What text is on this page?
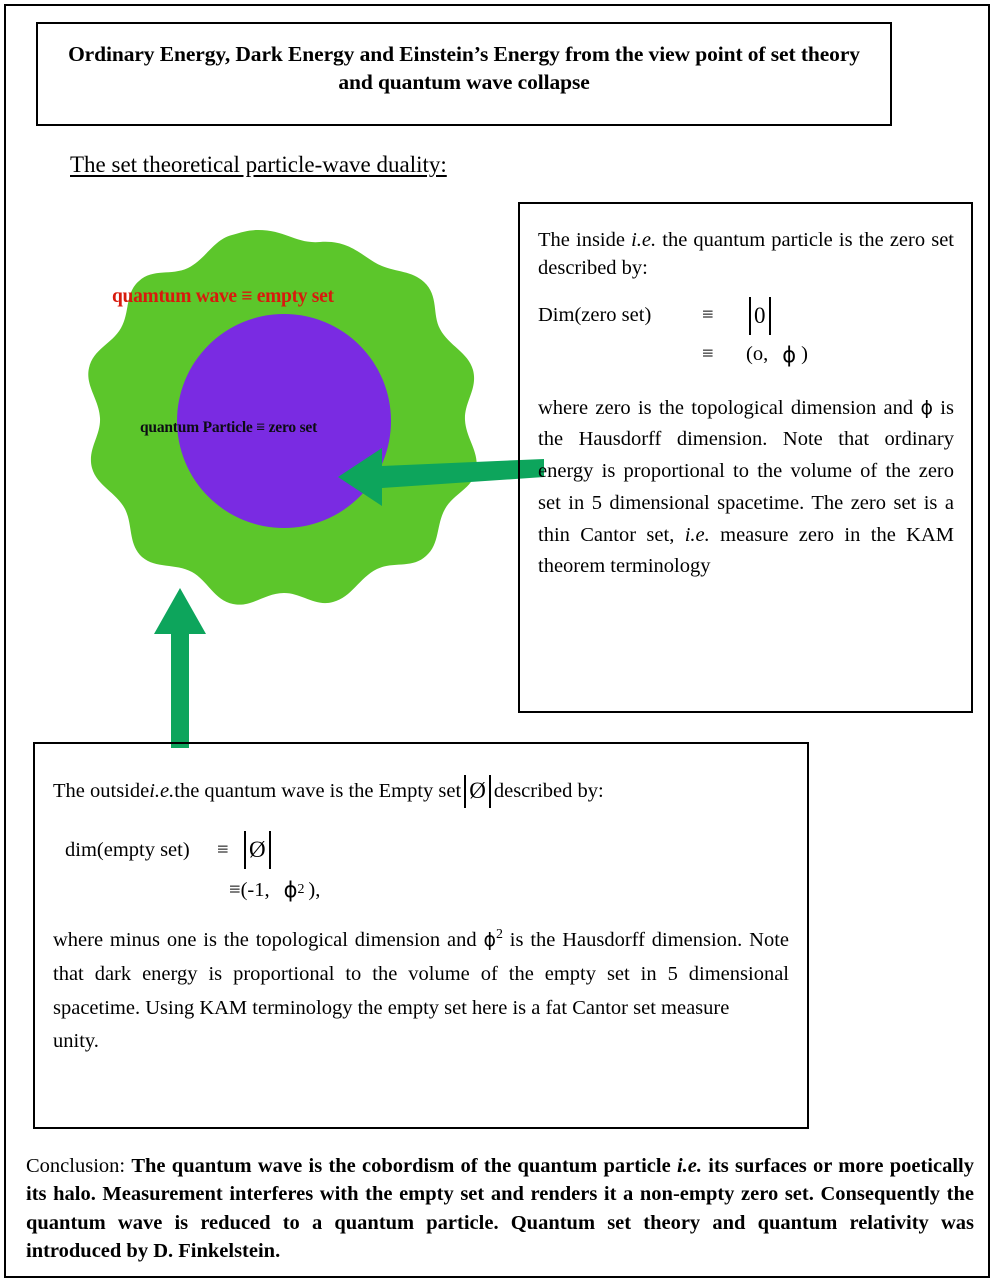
Ordinary Energy, Dark Energy and Einstein’s Energy from the view point of set theory and quantum wave collapse
The set theoretical particle-wave duality:
quamtum wave ≡ empty set
quantum Particle ≡ zero set

The inside i.e. the quantum particle is the zero set described by:

Dim(zero set)	≡	0
≡	(o, ϕ )

where zero is the topological dimension and ϕ is the Hausdorff dimension. Note that ordinary energy is proportional to the volume of the zero set in 5 dimensional spacetime. The zero set is a thin Cantor set, i.e. measure zero in the KAM theorem terminology

The outside i.e. the quantum wave is the Empty set Ø described by:

dim(empty set)	≡ Ø
≡ (-1, ϕ 2 ),

where minus one is the topological dimension and $\phi^2$ is the Hausdorff dimension. Note that dark energy is proportional to the volume of the empty set in 5 dimensional spacetime. Using KAM terminology the empty set here is a fat Cantor set measure
unity.

Conclusion: The quantum wave is the cobordism of the quantum particle i.e. its surfaces or more poetically its halo. Measurement interferes with the empty set and renders it a non-empty zero set. Consequently the quantum wave is reduced to a quantum particle. Quantum set theory and quantum relativity was introduced by D. Finkelstein.
